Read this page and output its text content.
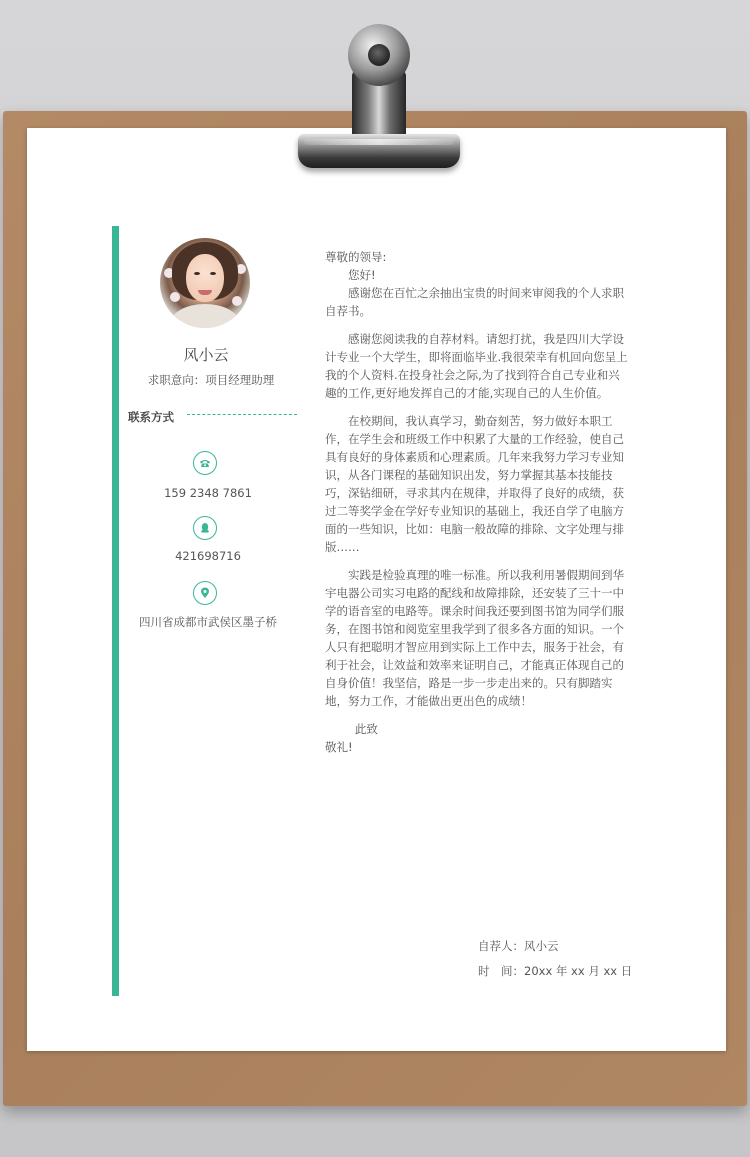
风小云
求职意向：项目经理助理
联系方式
159 2348 7861
421698716
四川省成都市武侯区墨子桥

尊敬的领导:

您好!

感谢您在百忙之余抽出宝贵的时间来审阅我的个人求职自荐书。

感谢您阅读我的自荐材料。请恕打扰，我是四川大学设计专业一个大学生，即将面临毕业.我很荣幸有机回向您呈上我的个人资料.在投身社会之际,为了找到符合自己专业和兴趣的工作,更好地发挥自己的才能,实现自己的人生价值。

在校期间，我认真学习，勤奋刻苦，努力做好本职工作，在学生会和班级工作中积累了大量的工作经验，使自己具有良好的身体素质和心理素质。几年来我努力学习专业知识，从各门课程的基础知识出发，努力掌握其基本技能技巧，深钻细研，寻求其内在规律，并取得了良好的成绩，获过二等奖学金在学好专业知识的基础上，我还自学了电脑方面的一些知识，比如：电脑一般故障的排除、文字处理与排版……

实践是检验真理的唯一标准。所以我利用暑假期间到华宇电器公司实习电路的配线和故障排除，还安装了三十一中学的语音室的电路等。课余时间我还要到图书馆为同学们服务，在图书馆和阅览室里我学到了很多各方面的知识。一个人只有把聪明才智应用到实际上工作中去，服务于社会，有利于社会，让效益和效率来证明自己，才能真正体现自己的自身价值！我坚信，路是一步一步走出来的。只有脚踏实地，努力工作，才能做出更出色的成绩！

此致

敬礼!

自荐人：风小云
时　间：20xx 年 xx 月 xx 日
